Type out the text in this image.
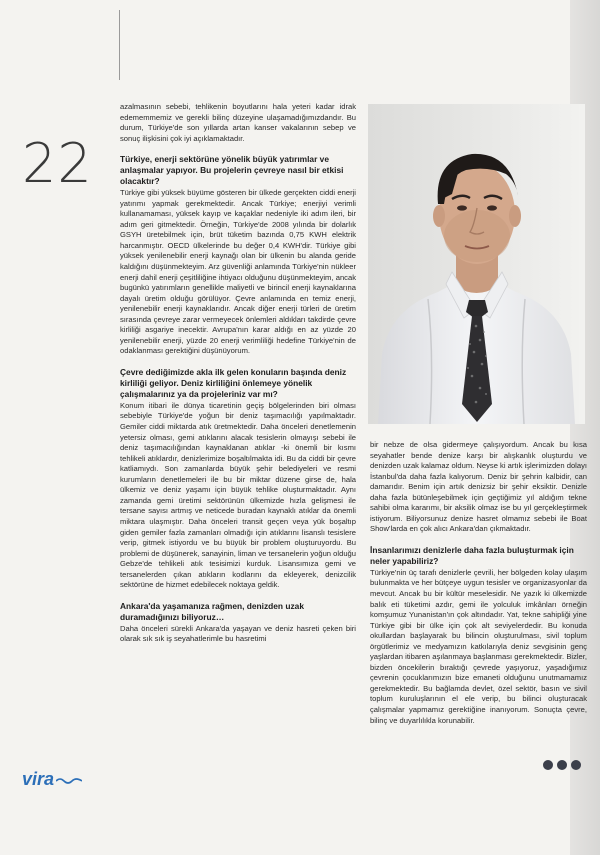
22

azalmasının sebebi, tehlikenin boyutlarını hala yeteri kadar idrak edememmemiz ve gerekli bilinç düzeyine ulaşamadığımızdandır. Bu durum, Türkiye'de son yıllarda artan kanser vakalarının sebep ve sonuç ilişkisini çok iyi açıklamaktadır.

Türkiye, enerji sektörüne yönelik büyük yatırımlar ve anlaşmalar yapıyor. Bu projelerin çevreye nasıl bir etkisi olacaktır?

Türkiye gibi yüksek büyüme gösteren bir ülkede gerçekten ciddi enerji yatırımı yapmak gerekmektedir. Ancak Türkiye; enerjiyi verimli kullanamaması, yüksek kayıp ve kaçaklar nedeniyle iki adım ileri, bir adım geri gitmektedir. Örneğin, Türkiye'de 2008 yılında bir dolarlık GSYH üretebilmek için, brüt tüketim bazında 0,75 KWH elektrik harcanmıştır. OECD ülkelerinde bu değer 0,4 KWH'dir. Türkiye gibi yüksek yenilenebilir enerji kaynağı olan bir ülkenin bu alanda geride kaldığını düşünmekteyim. Arz güvenliği anlamında Türkiye'nin nükleer enerji dahil enerji çeşitliliğine ihtiyacı olduğunu düşünmekteyim, ancak bugünkü yatırımların genellikle maliyetli ve birincil enerji kaynaklarına dayalı üretim olduğu görülüyor. Çevre anlamında en temiz enerji, yenilenebilir enerji kaynaklarıdır. Ancak diğer enerji türleri de üretim sırasında çevreye zarar vermeyecek önlemleri aldıkları takdirde çevre kirliliği asgariye inecektir. Avrupa'nın karar aldığı en az yüzde 20 yenilenebilir enerji, yüzde 20 enerji verimliliği hedefine Türkiye'nin de odaklanması gerektiğini düşünüyorum.

Çevre dediğimizde akla ilk gelen konuların başında deniz kirliliği geliyor. Deniz kirliliğini önlemeye yönelik çalışmalarınız ya da projeleriniz var mı?

Konum itibari ile dünya ticaretinin geçiş bölgelerinden biri olması sebebiyle Türkiye'de yoğun bir deniz taşımacılığı yapılmaktadır. Gemiler ciddi miktarda atık üretmektedir. Daha önceleri denetlemenin yetersiz olması, gemi atıklarını alacak tesislerin olmayışı sebebi ile deniz taşımacılığından kaynaklanan atıklar -ki önemli bir kısmı tehlikeli atıklardır, denizlerimize boşaltılmakta idi. Bu da ciddi bir çevre katliamıydı. Son zamanlarda büyük şehir belediyeleri ve resmi kurumların denetlemeleri ile bu bir miktar düzene girse de, hala ülkemiz ve deniz yaşamı için büyük tehlike oluşturmaktadır. Aynı zamanda gemi üretimi sektörünün ülkemizde hızla gelişmesi ile tersane sayısı artmış ve neticede buradan kaynaklı atıklar da önemli miktara ulaşmıştır. Daha önceleri transit geçen veya yük boşaltıp giden gemiler fazla zamanları olmadığı için atıklarını lisanslı tesislere verip, gitmek istiyordu ve bu büyük bir problem oluşturuyordu. Bu problemi de düşünerek, sanayinin, liman ve tersanelerin yoğun olduğu Gebze'de tehlikeli atık tesisimizi kurduk. Lisansımıza gemi ve tersanelerden çıkan atıkların kodlarını da ekleyerek, denizcilik sektörüne de hizmet edebilecek noktaya geldik.

Ankara'da yaşamanıza rağmen, denizden uzak duramadığınızı biliyoruz…

Daha önceleri sürekli Ankara'da yaşayan ve deniz hasreti çeken biri olarak sık sık iş seyahatlerimle bu hasretimi

bir nebze de olsa gidermeye çalışıyordum. Ancak bu kısa seyahatler bende denize karşı bir alışkanlık oluşturdu ve denizden uzak kalamaz oldum. Neyse ki artık işlerimizden dolayı İstanbul'da daha fazla kalıyorum. Deniz bir şehrin kalbidir, can damarıdır. Benim için artık denizsiz bir şehir eksiktir. Denizle daha fazla bütünleşebilmek için geçtiğimiz yıl aldığım tekne sahibi olma kararımı, bir aksilik olmaz ise bu yıl gerçekleştirmek istiyorum. Biliyorsunuz denize hasret olmamız sebebi ile Boat Show'larda en çok alıcı Ankara'dan çıkmaktadır.

İnsanlarımızı denizlerle daha fazla buluşturmak için neler yapabiliriz?

Türkiye'nin üç tarafı denizlerle çevrili, her bölgeden kolay ulaşım bulunmakta ve her bütçeye uygun tesisler ve organizasyonlar da mevcut. Ancak bu bir kültür meselesidir. Ne yazık ki ülkemizde balık eti tüketimi azdır, gemi ile yolculuk imkânları örneğin komşumuz Yunanistan'ın çok altındadır. Yat, tekne sahipliği yine Türkiye gibi bir ülke için çok alt seviyelerdedir. Bu konuda okullardan başlayarak bu bilincin oluşturulması, sivil toplum örgütlerimiz ve medyamızın katkılarıyla deniz sevgisinin genç yaşlardan itibaren aşılanmaya başlanması gerekmektedir. Bizler, bizden öncekilerin bıraktığı çevrede yaşıyoruz, yaşadığımız çevrenin çocuklarımızın bize emaneti olduğunu unutmamamız gerekmektedir. Bu bağlamda devlet, özel sektör, basın ve sivil toplum kuruluşlarının el ele verip, bu bilinci oluşturacak çalışmalar yapmamız gerektiğine inanıyorum. Sonuçta çevre, bilinç ve duyarlılıkla korunabilir.

vira
